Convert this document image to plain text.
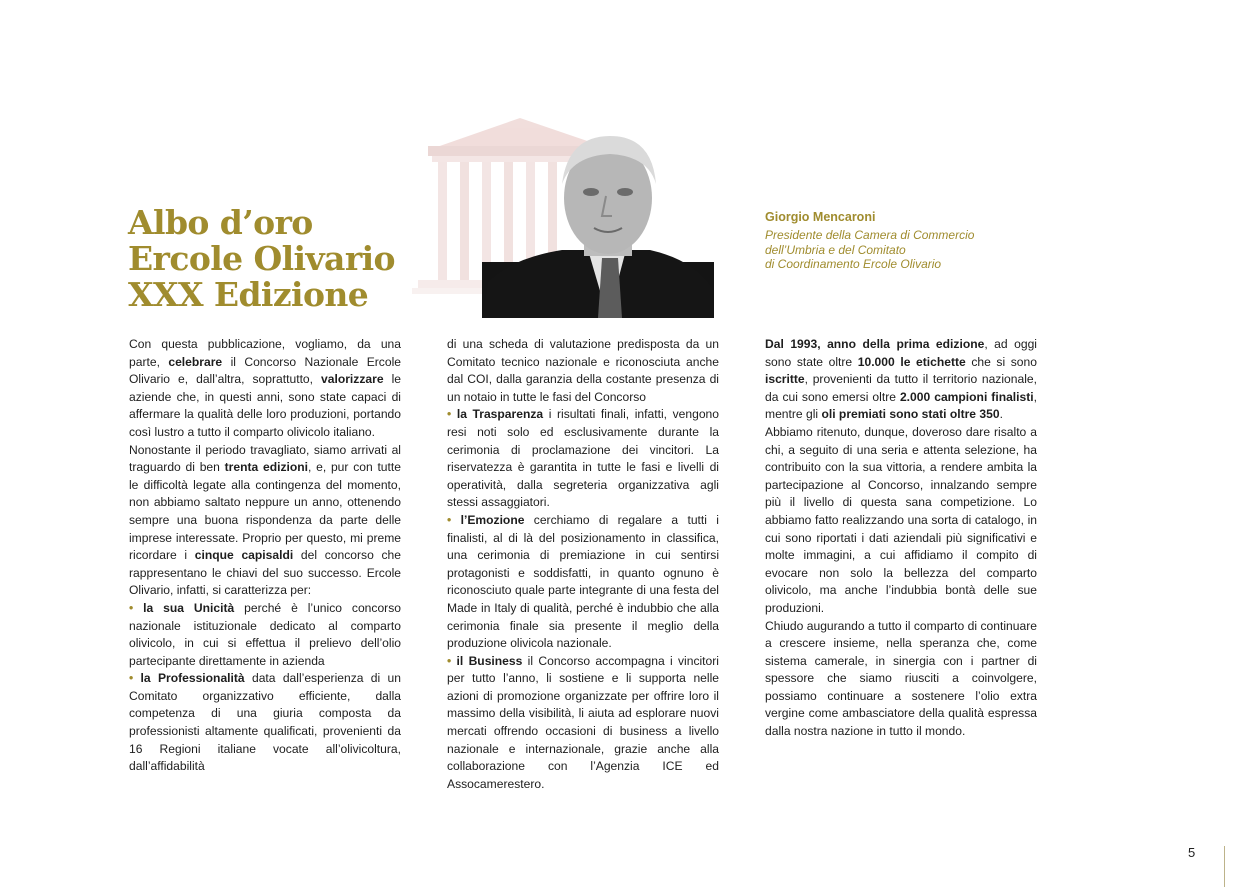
Albo d’oro
Ercole Olivario
XXX Edizione

Giorgio Mencaroni

Presidente della Camera di Commercio
dell’Umbria e del Comitato
di Coordinamento Ercole Olivario

Con questa pubblicazione, vogliamo, da una parte, celebrare il Concorso Nazionale Ercole Olivario e, dall’altra, soprattutto, valorizzare le aziende che, in questi anni, sono state capaci di affermare la qualità delle loro produzioni, portando così lustro a tutto il comparto olivicolo italiano.

Nonostante il periodo travagliato, siamo arrivati al traguardo di ben trenta edizioni, e, pur con tutte le difficoltà legate alla contingenza del momento, non abbiamo saltato neppure un anno, ottenendo sempre una buona rispondenza da parte delle imprese interessate. Proprio per questo, mi preme ricordare i cinque capisaldi del concorso che rappresentano le chiavi del suo successo. Ercole Olivario, infatti, si caratterizza per:

• la sua Unicità perché è l’unico concorso nazionale istituzionale dedicato al comparto olivicolo, in cui si effettua il prelievo dell’olio partecipante direttamente in azienda

• la Professionalità data dall’esperienza di un Comitato organizzativo efficiente, dalla competenza di una giuria composta da professionisti altamente qualificati, provenienti da 16 Regioni italiane vocate all’olivicoltura, dall’affidabilità

di una scheda di valutazione predisposta da un Comitato tecnico nazionale e riconosciuta anche dal COI, dalla garanzia della costante presenza di un notaio in tutte le fasi del Concorso

• la Trasparenza i risultati finali, infatti, vengono resi noti solo ed esclusivamente durante la cerimonia di proclamazione dei vincitori. La riservatezza è garantita in tutte le fasi e livelli di operatività, dalla segreteria organizzativa agli stessi assaggiatori.

• l’Emozione cerchiamo di regalare a tutti i finalisti, al di là del posizionamento in classifica, una cerimonia di premiazione in cui sentirsi protagonisti e soddisfatti, in quanto ognuno è riconosciuto quale parte integrante di una festa del Made in Italy di qualità, perché è indubbio che alla cerimonia finale sia presente il meglio della produzione olivicola nazionale.

• il Business il Concorso accompagna i vincitori per tutto l’anno, li sostiene e li supporta nelle azioni di promozione organizzate per offrire loro il massimo della visibilità, li aiuta ad esplorare nuovi mercati offrendo occasioni di business a livello nazionale e internazionale, grazie anche alla collaborazione con l’Agenzia ICE ed Assocamerestero.

Dal 1993, anno della prima edizione, ad oggi sono state oltre 10.000 le etichette che si sono iscritte, provenienti da tutto il territorio nazionale, da cui sono emersi oltre 2.000 campioni finalisti, mentre gli oli premiati sono stati oltre 350.

Abbiamo ritenuto, dunque, doveroso dare risalto a chi, a seguito di una seria e attenta selezione, ha contribuito con la sua vittoria, a rendere ambita la partecipazione al Concorso, innalzando sempre più il livello di questa sana competizione. Lo abbiamo fatto realizzando una sorta di catalogo, in cui sono riportati i dati aziendali più significativi e molte immagini, a cui affidiamo il compito di evocare non solo la bellezza del comparto olivicolo, ma anche l’indubbia bontà delle sue produzioni.

Chiudo augurando a tutto il comparto di continuare a crescere insieme, nella speranza che, come sistema camerale, in sinergia con i partner di spessore che siamo riusciti a coinvolgere, possiamo continuare a sostenere l’olio extra vergine come ambasciatore della qualità espressa dalla nostra nazione in tutto il mondo.

5
